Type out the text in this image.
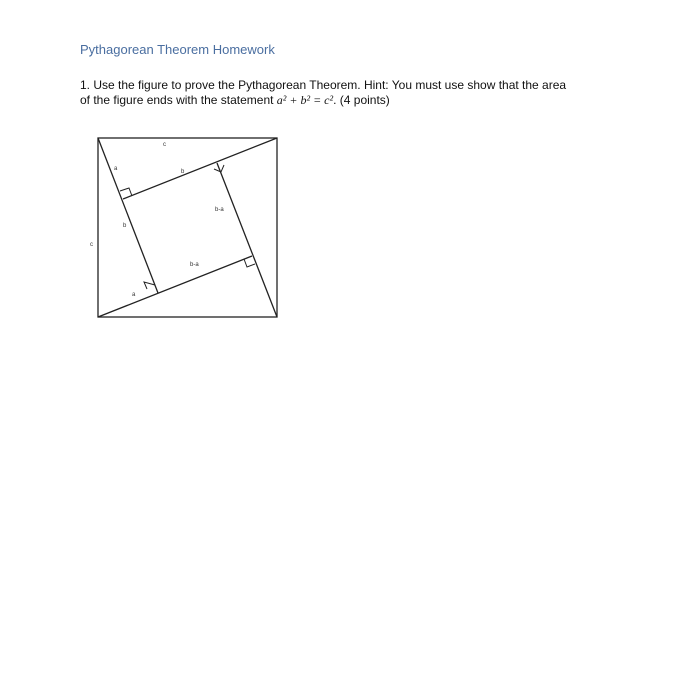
Pythagorean Theorem Homework
1. Use the figure to prove the Pythagorean Theorem. Hint: You must use show that the area
of the figure ends with the statement a² + b² = c². (4 points)
c
a	b
b-a
b
c
b-a
a
